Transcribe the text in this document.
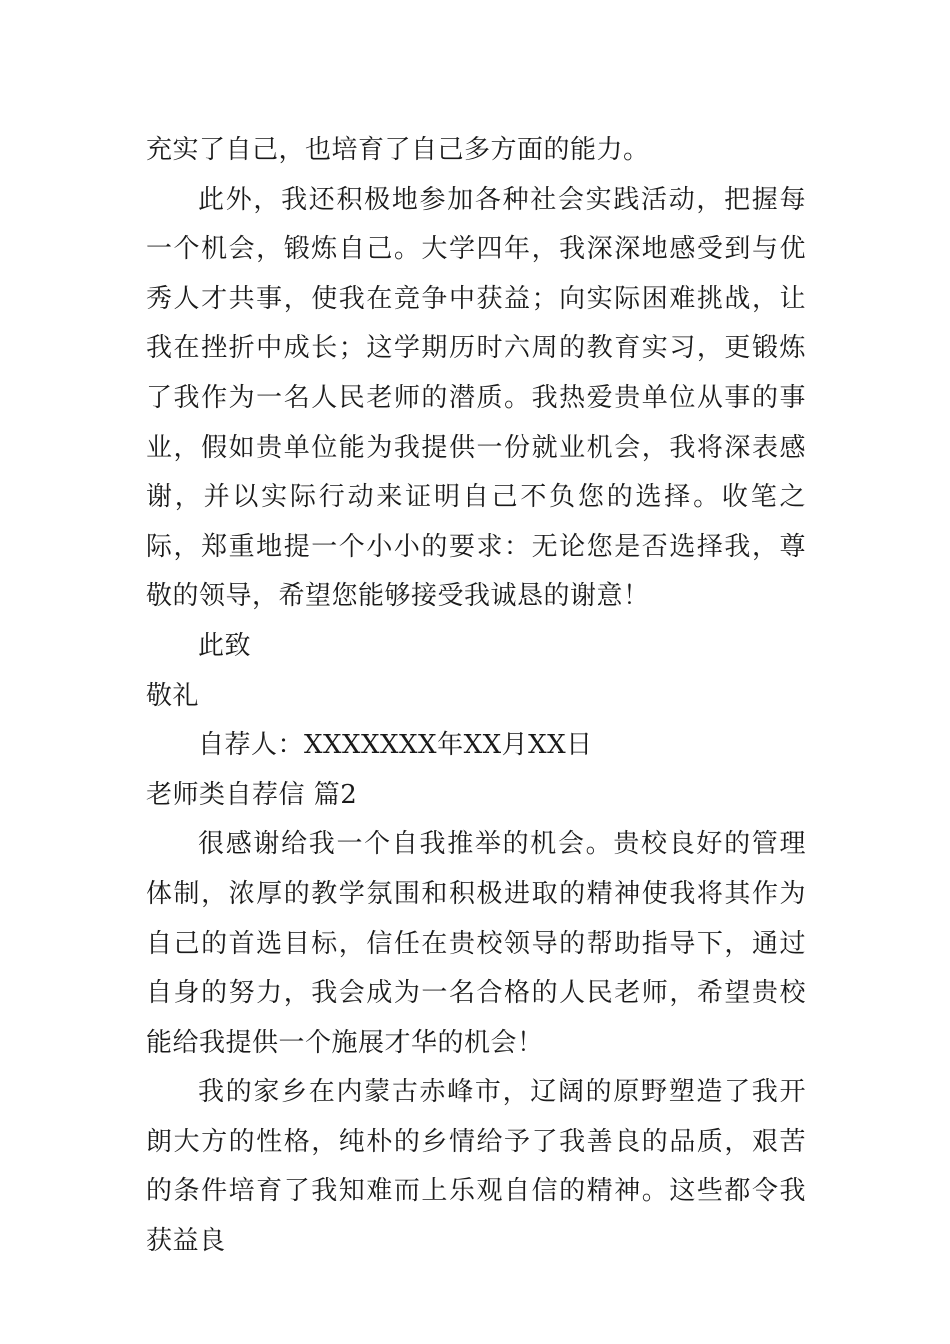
充实了自己，也培育了自己多方面的能力。

此外，我还积极地参加各种社会实践活动，把握每一个机会，锻炼自己。大学四年，我深深地感受到与优秀人才共事，使我在竞争中获益；向实际困难挑战，让我在挫折中成长；这学期历时六周的教育实习，更锻炼了我作为一名人民老师的潜质。我热爱贵单位从事的事业，假如贵单位能为我提供一份就业机会，我将深表感谢，并以实际行动来证明自己不负您的选择。收笔之际，郑重地提一个小小的要求：无论您是否选择我，尊敬的领导，希望您能够接受我诚恳的谢意！

此致

敬礼

自荐人：XXXXXXX年XX月XX日

老师类自荐信 篇2

很感谢给我一个自我推举的机会。贵校良好的管理体制，浓厚的教学氛围和积极进取的精神使我将其作为自己的首选目标，信任在贵校领导的帮助指导下，通过自身的努力，我会成为一名合格的人民老师，希望贵校能给我提供一个施展才华的机会！

我的家乡在内蒙古赤峰市，辽阔的原野塑造了我开朗大方的性格，纯朴的乡情给予了我善良的品质，艰苦的条件培育了我知难而上乐观自信的精神。这些都令我获益良
